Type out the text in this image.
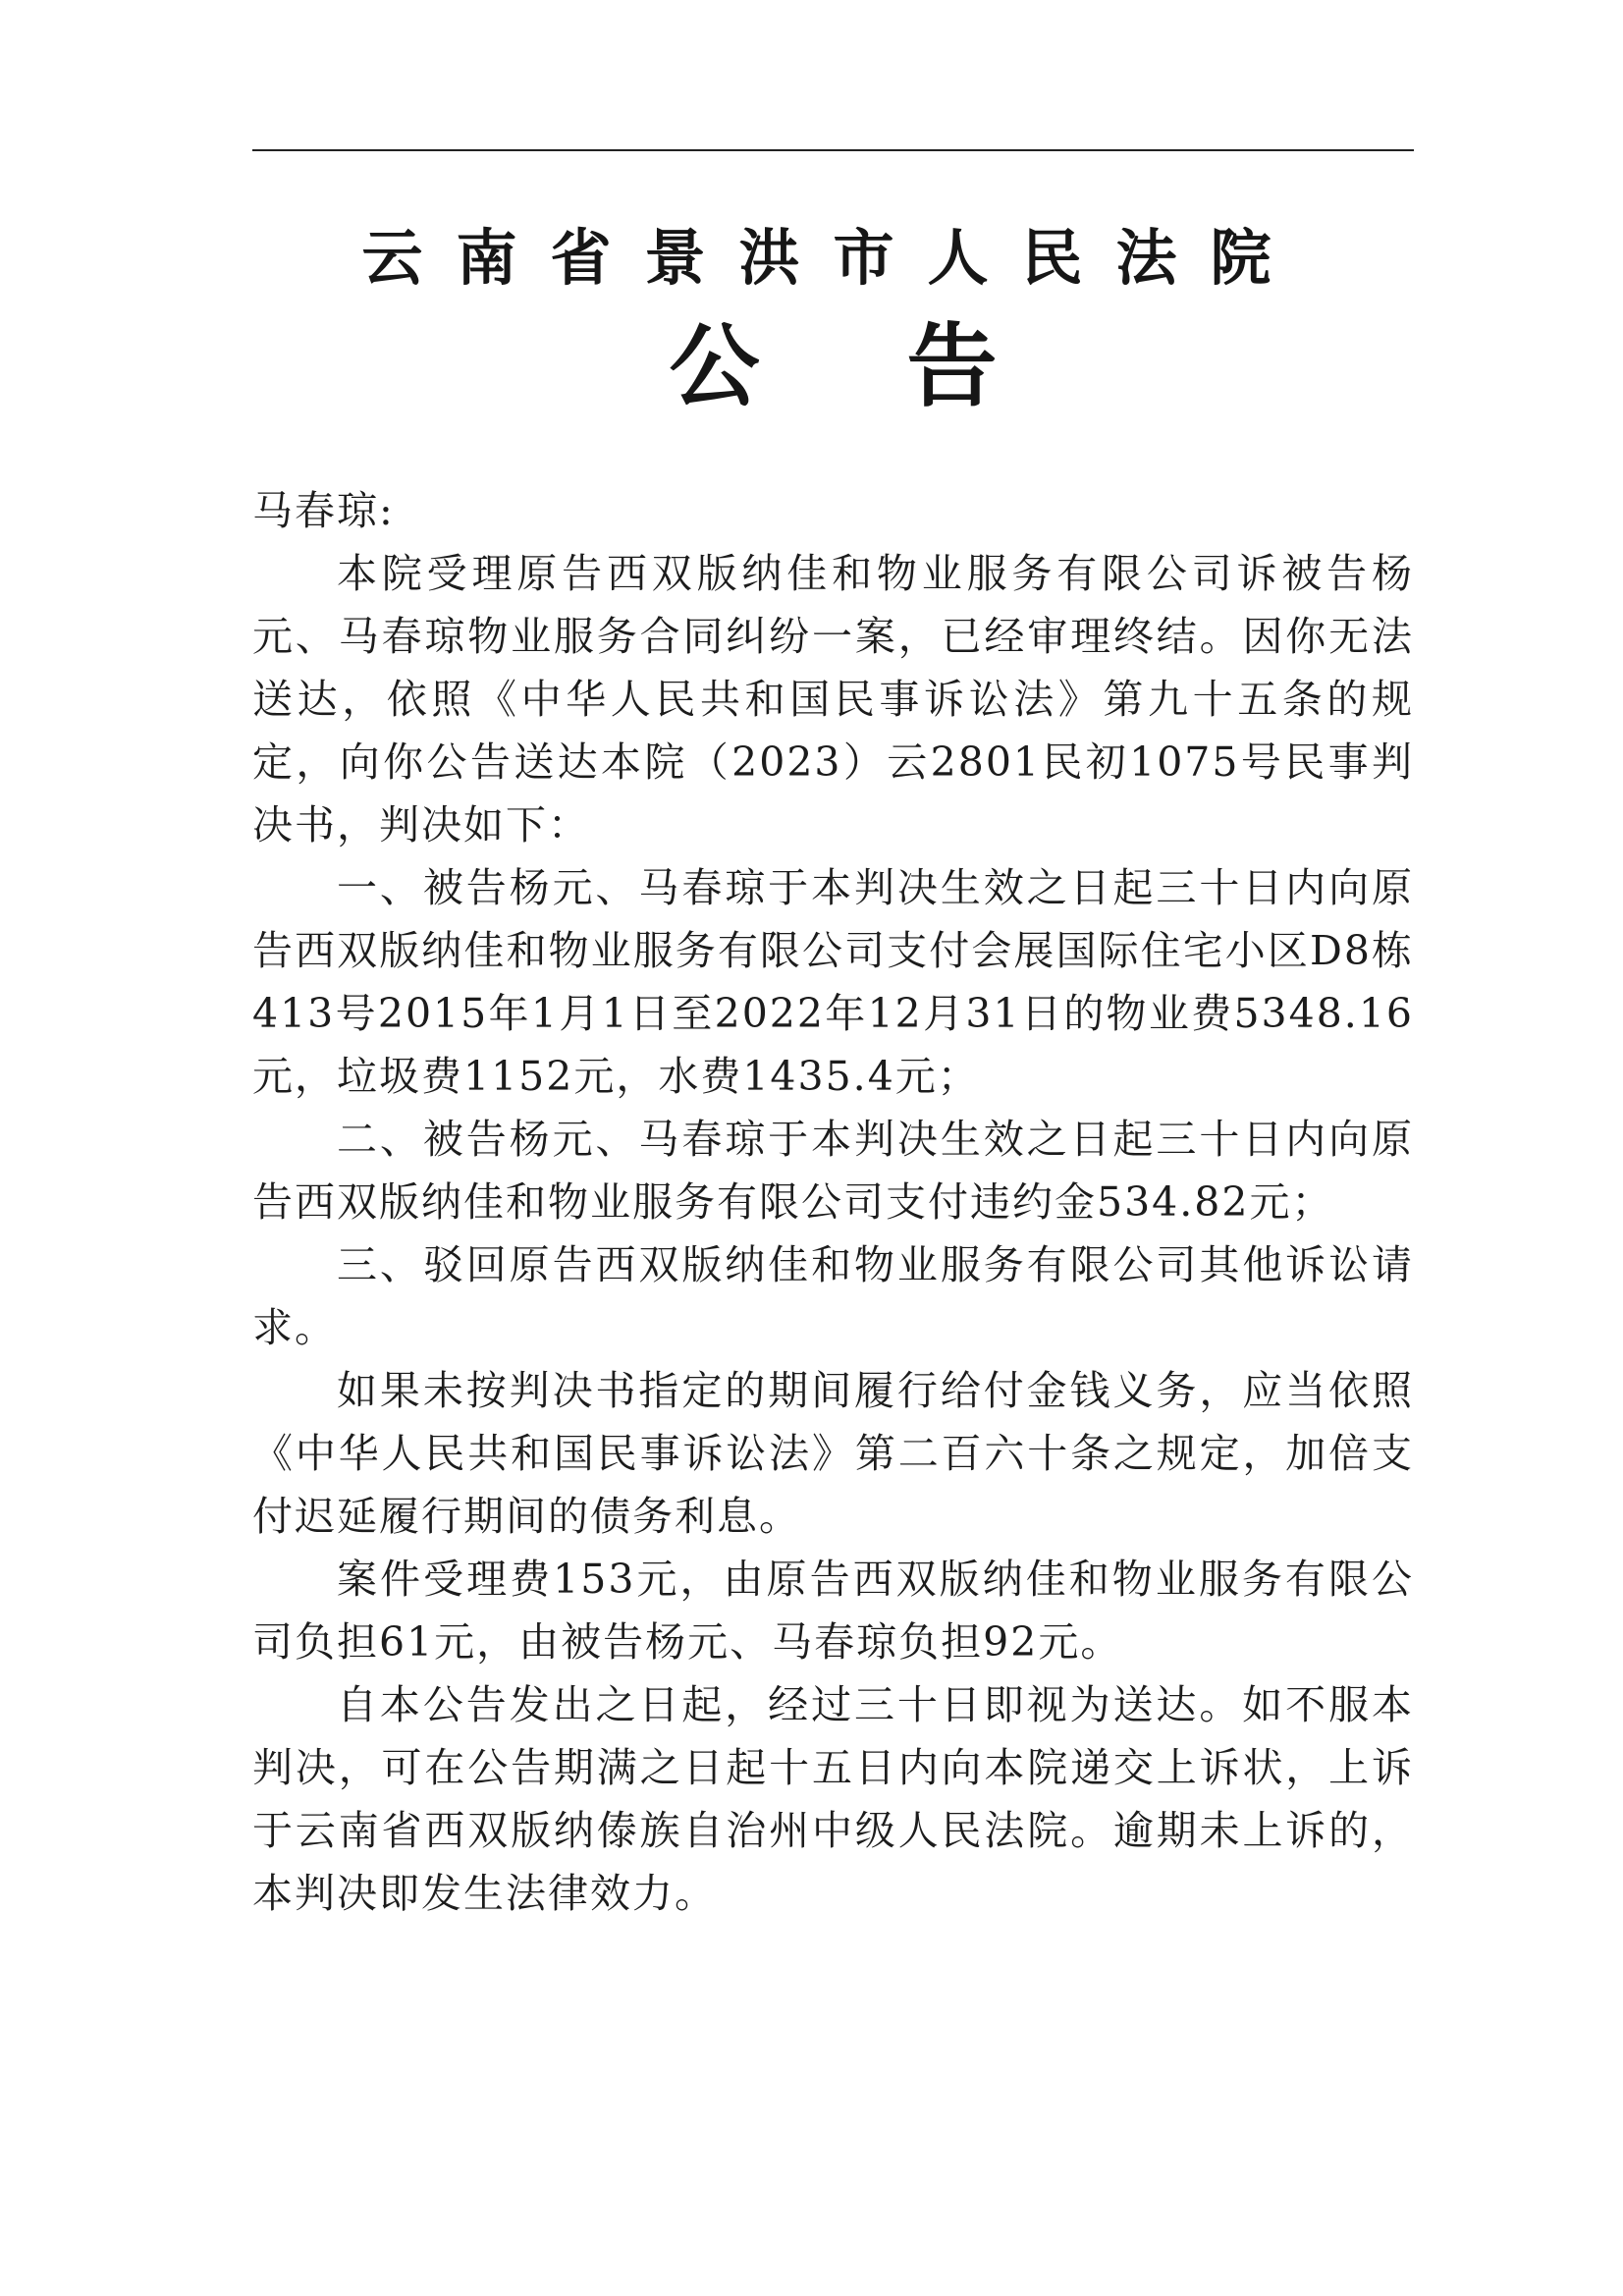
云南省景洪市人民法院
公告

马春琼:

本院受理原告西双版纳佳和物业服务有限公司诉被告杨元、马春琼物业服务合同纠纷一案，已经审理终结。因你无法送达，依照《中华人民共和国民事诉讼法》第九十五条的规定，向你公告送达本院（2023）云2801民初1075号民事判决书，判决如下：

一、被告杨元、马春琼于本判决生效之日起三十日内向原告西双版纳佳和物业服务有限公司支付会展国际住宅小区D8栋413号2015年1月1日至2022年12月31日的物业费5348.16元，垃圾费1152元，水费1435.4元；

二、被告杨元、马春琼于本判决生效之日起三十日内向原告西双版纳佳和物业服务有限公司支付违约金534.82元；

三、驳回原告西双版纳佳和物业服务有限公司其他诉讼请求。

如果未按判决书指定的期间履行给付金钱义务，应当依照《中华人民共和国民事诉讼法》第二百六十条之规定，加倍支付迟延履行期间的债务利息。

案件受理费153元，由原告西双版纳佳和物业服务有限公司负担61元，由被告杨元、马春琼负担92元。

自本公告发出之日起，经过三十日即视为送达。如不服本判决，可在公告期满之日起十五日内向本院递交上诉状，上诉于云南省西双版纳傣族自治州中级人民法院。逾期未上诉的，本判决即发生法律效力。
